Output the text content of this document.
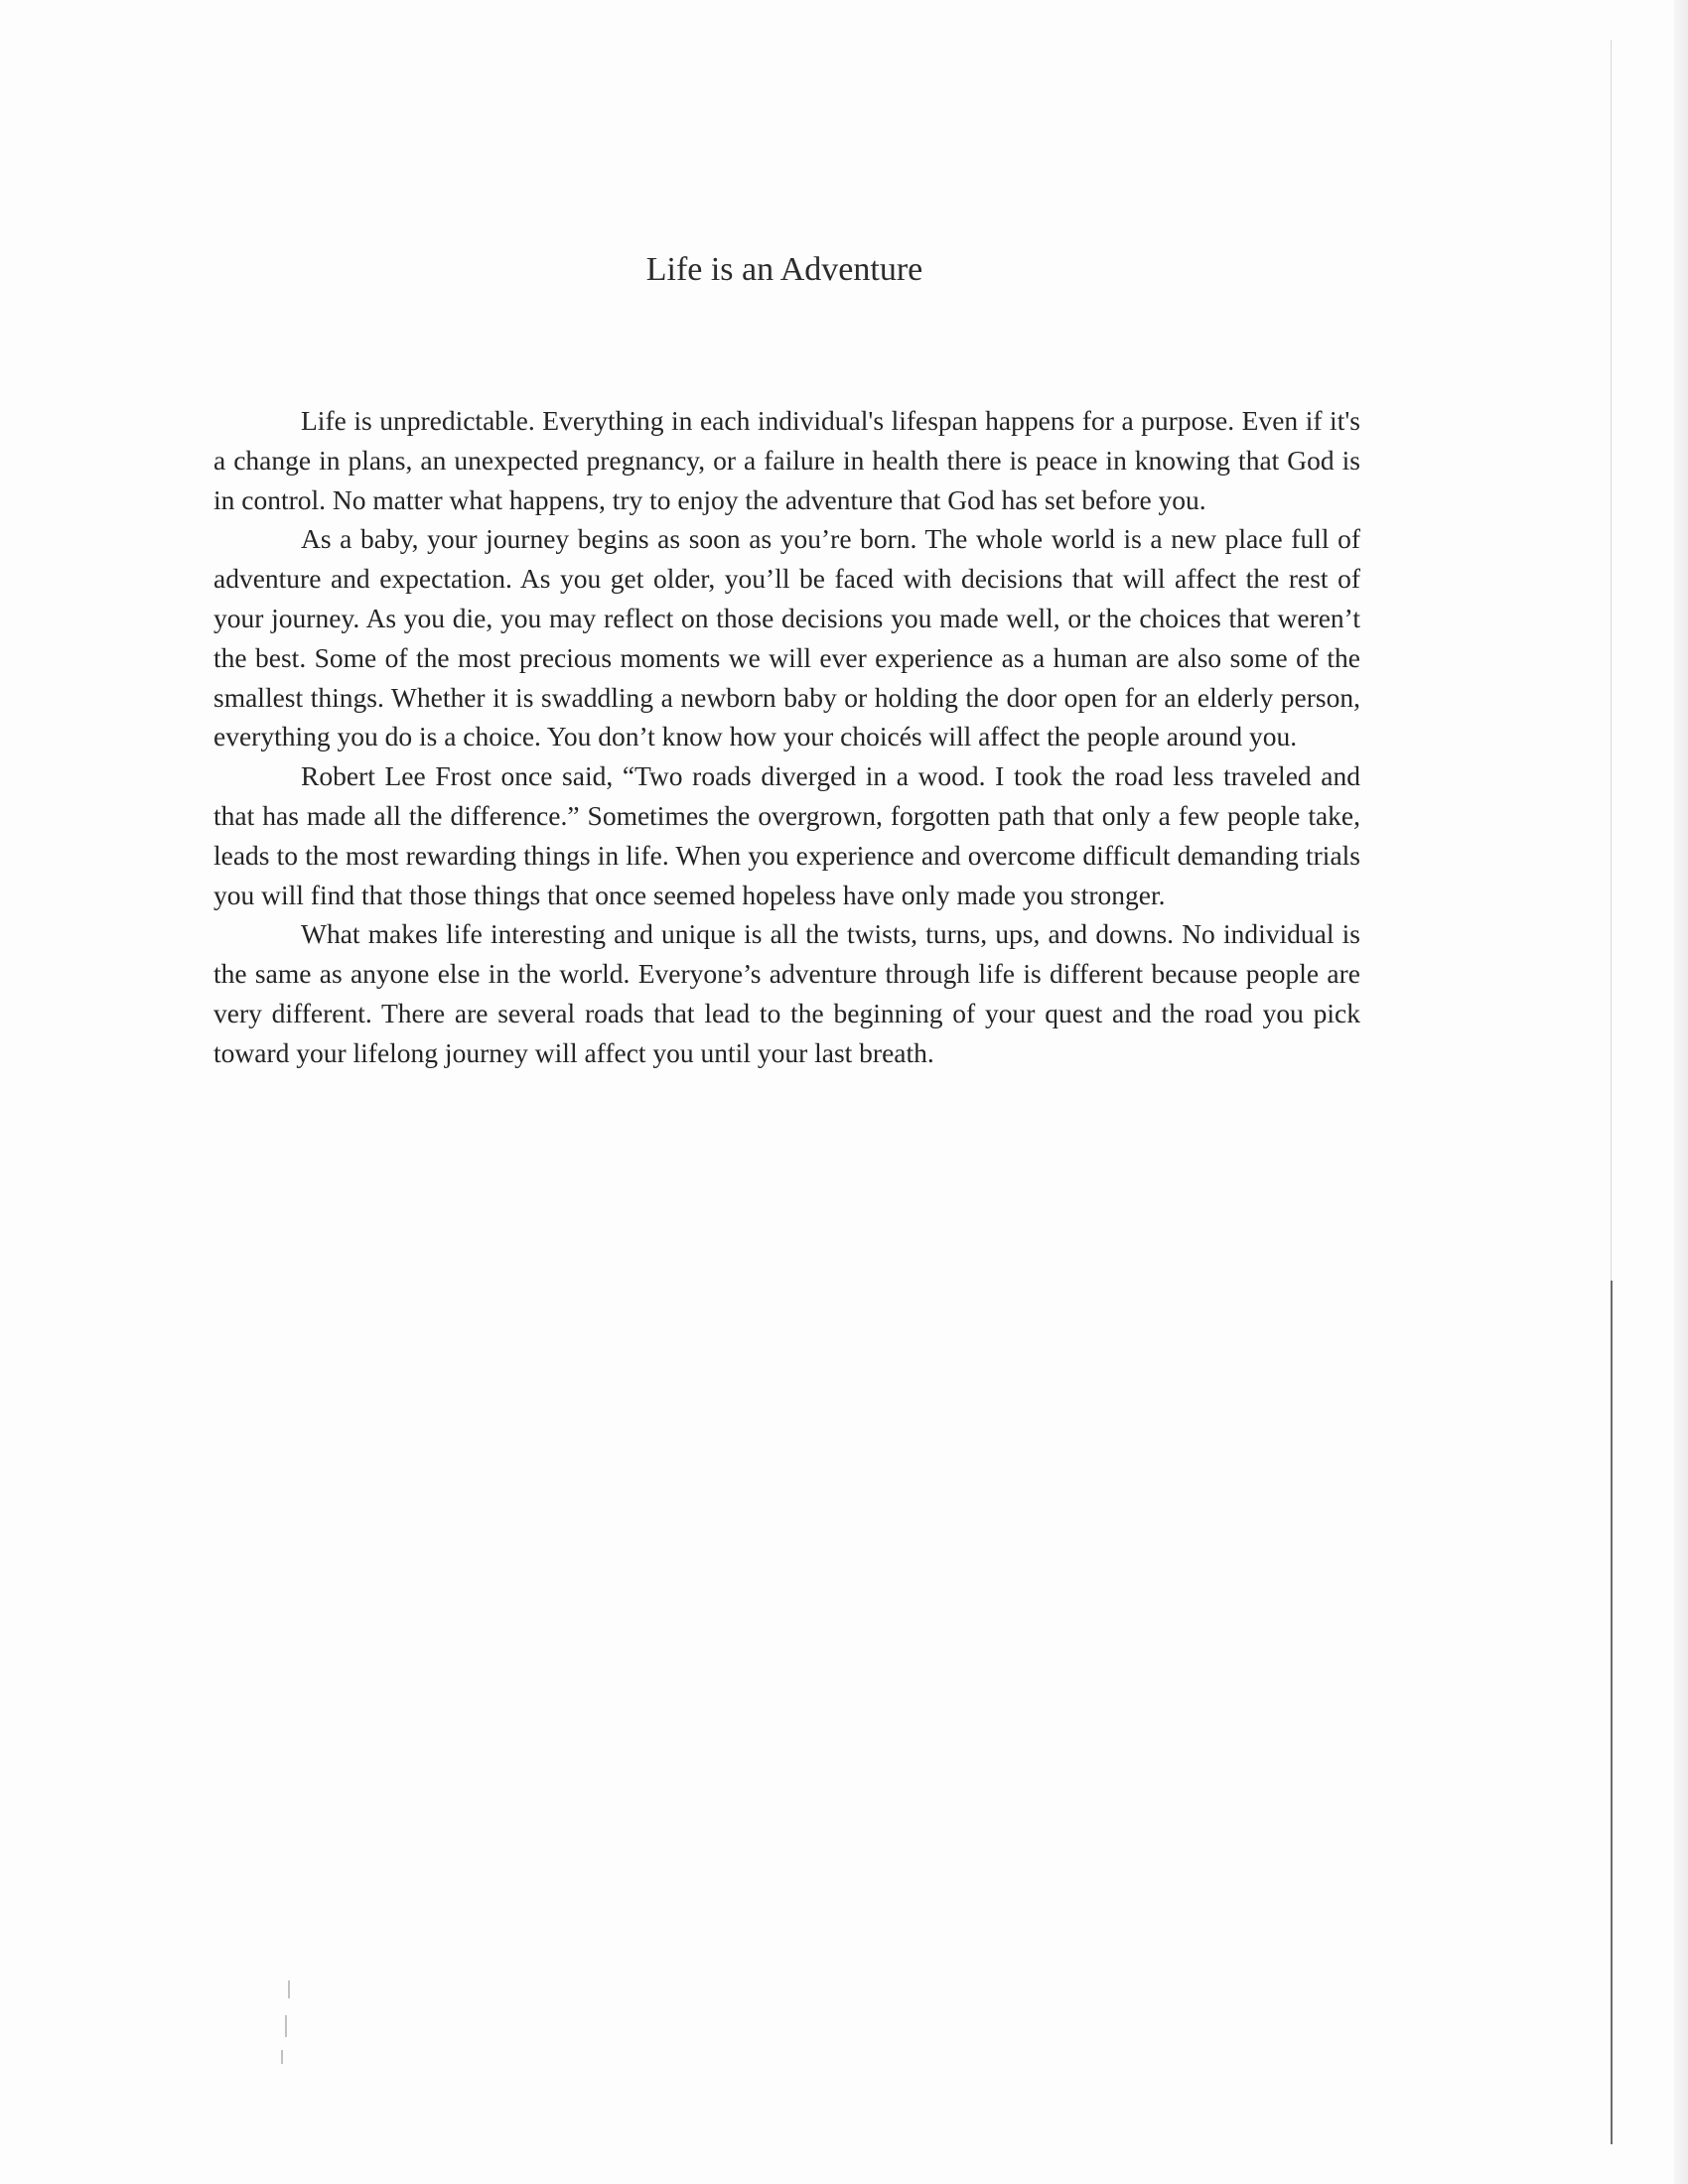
Life is an Adventure

Life is unpredictable. Everything in each individual's lifespan happens for a purpose. Even if it's a change in plans, an unexpected pregnancy, or a failure in health there is peace in knowing that God is in control. No matter what happens, try to enjoy the adventure that God has set before you.

As a baby, your journey begins as soon as you’re born. The whole world is a new place full of adventure and expectation. As you get older, you’ll be faced with decisions that will affect the rest of your journey. As you die, you may reflect on those decisions you made well, or the choices that weren’t the best. Some of the most precious moments we will ever experience as a human are also some of the smallest things. Whether it is swaddling a newborn baby or holding the door open for an elderly person, everything you do is a choice. You don’t know how your choicés will affect the people around you.

Robert Lee Frost once said, “Two roads diverged in a wood. I took the road less traveled and that has made all the difference.” Sometimes the overgrown, forgotten path that only a few people take, leads to the most rewarding things in life. When you experience and overcome difficult demanding trials you will find that those things that once seemed hopeless have only made you stronger.

What makes life interesting and unique is all the twists, turns, ups, and downs. No individual is the same as anyone else in the world. Everyone’s adventure through life is different because people are very different. There are several roads that lead to the beginning of your quest and the road you pick toward your lifelong journey will affect you until your last breath.
